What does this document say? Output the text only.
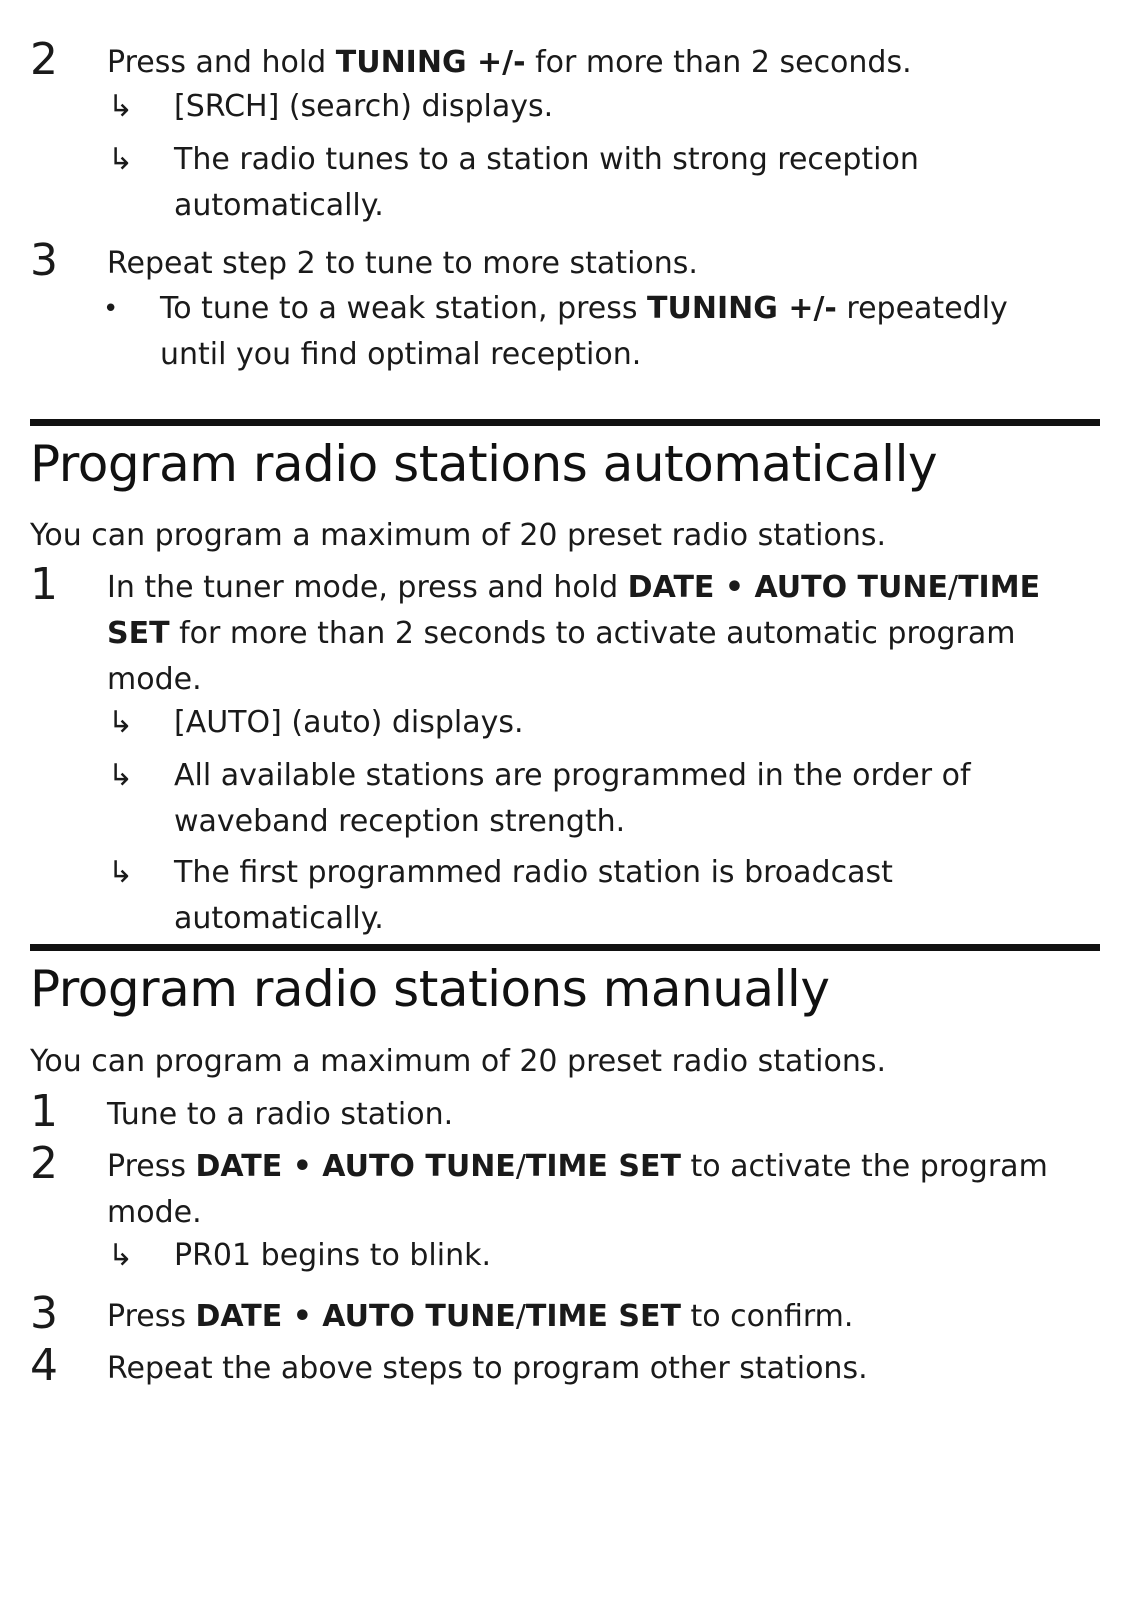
2 Press and hold TUNING +/- for more than 2 seconds.
↳ [SRCH] (search) displays.
↳ The radio tunes to a station with strong reception automatically.
3 Repeat step 2 to tune to more stations.
• To tune to a weak station, press TUNING +/- repeatedly until you find optimal reception.
Program radio stations automatically
You can program a maximum of 20 preset radio stations.
1 In the tuner mode, press and hold DATE • AUTO TUNE/TIME SET for more than 2 seconds to activate automatic program mode.
↳ [AUTO] (auto) displays.
↳ All available stations are programmed in the order of waveband reception strength.
↳ The first programmed radio station is broadcast automatically.
Program radio stations manually
You can program a maximum of 20 preset radio stations.
1 Tune to a radio station.
2 Press DATE • AUTO TUNE/TIME SET to activate the program mode.
↳ PR01 begins to blink.
3 Press DATE • AUTO TUNE/TIME SET to confirm.
4 Repeat the above steps to program other stations.
